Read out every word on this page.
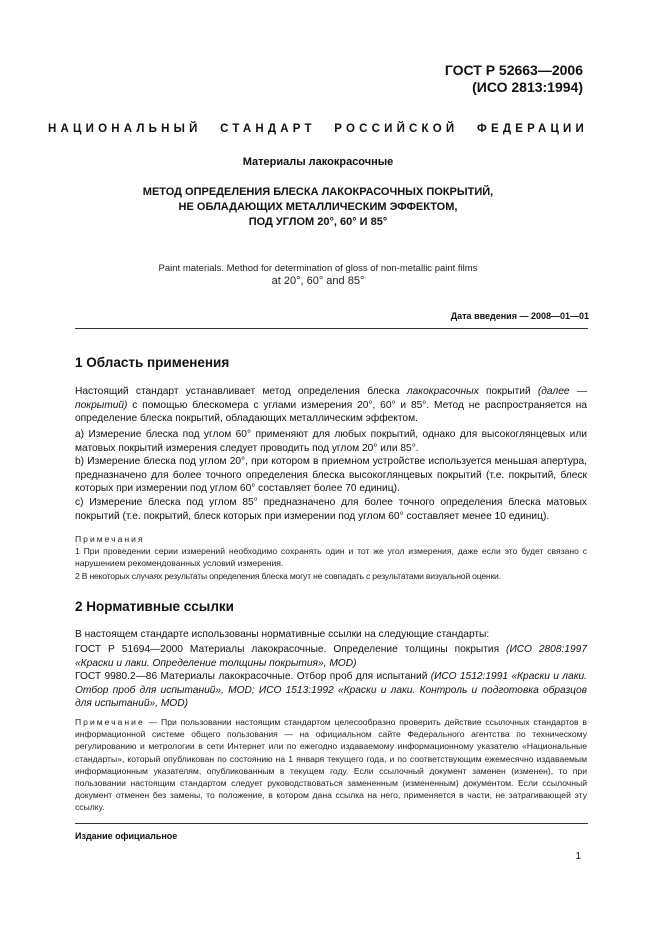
ГОСТ Р 52663—2006
(ИСО 2813:1994)
НАЦИОНАЛЬНЫЙ СТАНДАРТ РОССИЙСКОЙ ФЕДЕРАЦИИ
Материалы лакокрасочные
МЕТОД ОПРЕДЕЛЕНИЯ БЛЕСКА ЛАКОКРАСОЧНЫХ ПОКРЫТИЙ,
НЕ ОБЛАДАЮЩИХ МЕТАЛЛИЧЕСКИМ ЭФФЕКТОМ,
ПОД УГЛОМ 20°, 60° И 85°
Paint materials. Method for determination of gloss of non-metallic paint films
at 20°, 60° and 85°
Дата введения — 2008—01—01
1 Область применения
Настоящий стандарт устанавливает метод определения блеска лакокрасочных покрытий (далее — покрытий) с помощью блескомера с углами измерения 20°, 60° и 85°. Метод не распространяется на определение блеска покрытий, обладающих металлическим эффектом.
a) Измерение блеска под углом 60° применяют для любых покрытий, однако для высокоглянцевых или матовых покрытий измерения следует проводить под углом 20° или 85°.
b) Измерение блеска под углом 20°, при котором в приемном устройстве используется меньшая апертура, предназначено для более точного определения блеска высокоглянцевых покрытий (т.е. покрытий, блеск которых при измерении под углом 60° составляет более 70 единиц).
c) Измерение блеска под углом 85° предназначено для более точного определения блеска матовых покрытий (т.е. покрытий, блеск которых при измерении под углом 60° составляет менее 10 единиц).
Примечания
1 При проведении серии измерений необходимо сохранять один и тот же угол измерения, даже если это будет связано с нарушением рекомендованных условий измерения.
2 В некоторых случаях результаты определения блеска могут не совпадать с результатами визуальной оценки.
2 Нормативные ссылки
В настоящем стандарте использованы нормативные ссылки на следующие стандарты:
ГОСТ Р 51694—2000 Материалы лакокрасочные. Определение толщины покрытия (ИСО 2808:1997 «Краски и лаки. Определение толщины покрытия», MOD)
ГОСТ 9980.2—86 Материалы лакокрасочные. Отбор проб для испытаний (ИСО 1512:1991 «Краски и лаки. Отбор проб для испытаний», MOD; ИСО 1513:1992 «Краски и лаки. Контроль и подготовка образцов для испытаний», MOD)
Примечание — При пользовании настоящим стандартом целесообразно проверить действие ссылочных стандартов в информационной системе общего пользования — на официальном сайте Федерального агентства по техническому регулированию и метрологии в сети Интернет или по ежегодно издаваемому информационному указателю «Национальные стандарты», который опубликован по состоянию на 1 января текущего года, и по соответствующим ежемесячно издаваемым информационным указателям, опубликованным в текущем году. Если ссылочный документ заменен (изменен), то при пользовании настоящим стандартом следует руководствоваться замененным (измененным) документом. Если ссылочный документ отменен без замены, то положение, в котором дана ссылка на него, применяется в части, не затрагивающей эту ссылку.
Издание официальное
1
